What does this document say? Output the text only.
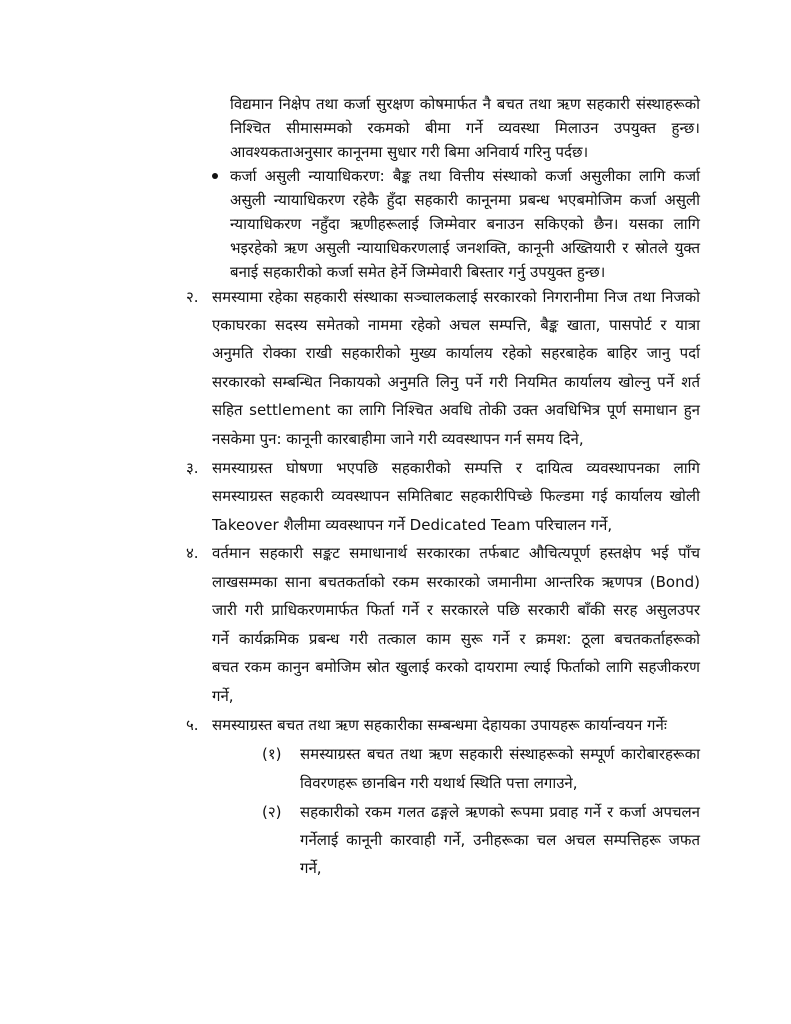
विद्यमान निक्षेप तथा कर्जा सुरक्षण कोषमार्फत नै बचत तथा ऋण सहकारी संस्थाहरूको
निश्चित सीमासम्मको रकमको बीमा गर्ने व्यवस्था मिलाउन उपयुक्त हुन्छ।
आवश्यकताअनुसार कानूनमा सुधार गरी बिमा अनिवार्य गरिनु पर्दछ।
कर्जा असुली न्यायाधिकरण: बैङ्क तथा वित्तीय संस्थाको कर्जा असुलीका लागि कर्जा
असुली न्यायाधिकरण रहेकै हुँदा सहकारी कानूनमा प्रबन्ध भएबमोजिम कर्जा असुली
न्यायाधिकरण नहुँदा ऋणीहरूलाई जिम्मेवार बनाउन सकिएको छैन। यसका लागि
भइरहेको ऋण असुली न्यायाधिकरणलाई जनशक्ति, कानूनी अख्तियारी र स्रोतले युक्त
बनाई सहकारीको कर्जा समेत हेर्ने जिम्मेवारी बिस्तार गर्नु उपयुक्त हुन्छ।
२. समस्यामा रहेका सहकारी संस्थाका सञ्चालकलाई सरकारको निगरानीमा निज तथा निजको
एकाघरका सदस्य समेतको नाममा रहेको अचल सम्पत्ति, बैङ्क खाता, पासपोर्ट र यात्रा
अनुमति रोक्का राखी सहकारीको मुख्य कार्यालय रहेको सहरबाहेक बाहिर जानु पर्दा
सरकारको सम्बन्धित निकायको अनुमति लिनु पर्ने गरी नियमित कार्यालय खोल्नु पर्ने शर्त
सहित settlement का लागि निश्चित अवधि तोकी उक्त अवधिभित्र पूर्ण समाधान हुन
नसकेमा पुन: कानूनी कारबाहीमा जाने गरी व्यवस्थापन गर्न समय दिने,
३. समस्याग्रस्त घोषणा भएपछि सहकारीको सम्पत्ति र दायित्व व्यवस्थापनका लागि
समस्याग्रस्त सहकारी व्यवस्थापन समितिबाट सहकारीपिच्छे फिल्डमा गई कार्यालय खोली
Takeover शैलीमा व्यवस्थापन गर्ने Dedicated Team परिचालन गर्ने,
४. वर्तमान सहकारी सङ्कट समाधानार्थ सरकारका तर्फबाट औचित्यपूर्ण हस्तक्षेप भई पाँच
लाखसम्मका साना बचतकर्ताको रकम सरकारको जमानीमा आन्तरिक ऋणपत्र (Bond)
जारी गरी प्राधिकरणमार्फत फिर्ता गर्ने र सरकारले पछि सरकारी बाँकी सरह असुलउपर
गर्ने कार्यक्रमिक प्रबन्ध गरी तत्काल काम सुरू गर्ने र क्रमश: ठूला बचतकर्ताहरूको
बचत रकम कानुन बमोजिम स्रोत खुलाई करको दायरामा ल्याई फिर्ताको लागि सहजीकरण
गर्ने,
५. समस्याग्रस्त बचत तथा ऋण सहकारीका सम्बन्धमा देहायका उपायहरू कार्यान्वयन गर्नेः
(१) समस्याग्रस्त बचत तथा ऋण सहकारी संस्थाहरूको सम्पूर्ण कारोबारहरूका
विवरणहरू छानबिन गरी यथार्थ स्थिति पत्ता लगाउने,
(२) सहकारीको रकम गलत ढङ्गले ऋणको रूपमा प्रवाह गर्ने र कर्जा अपचलन
गर्नेलाई कानूनी कारवाही गर्ने, उनीहरूका चल अचल सम्पत्तिहरू जफत
गर्ने,
